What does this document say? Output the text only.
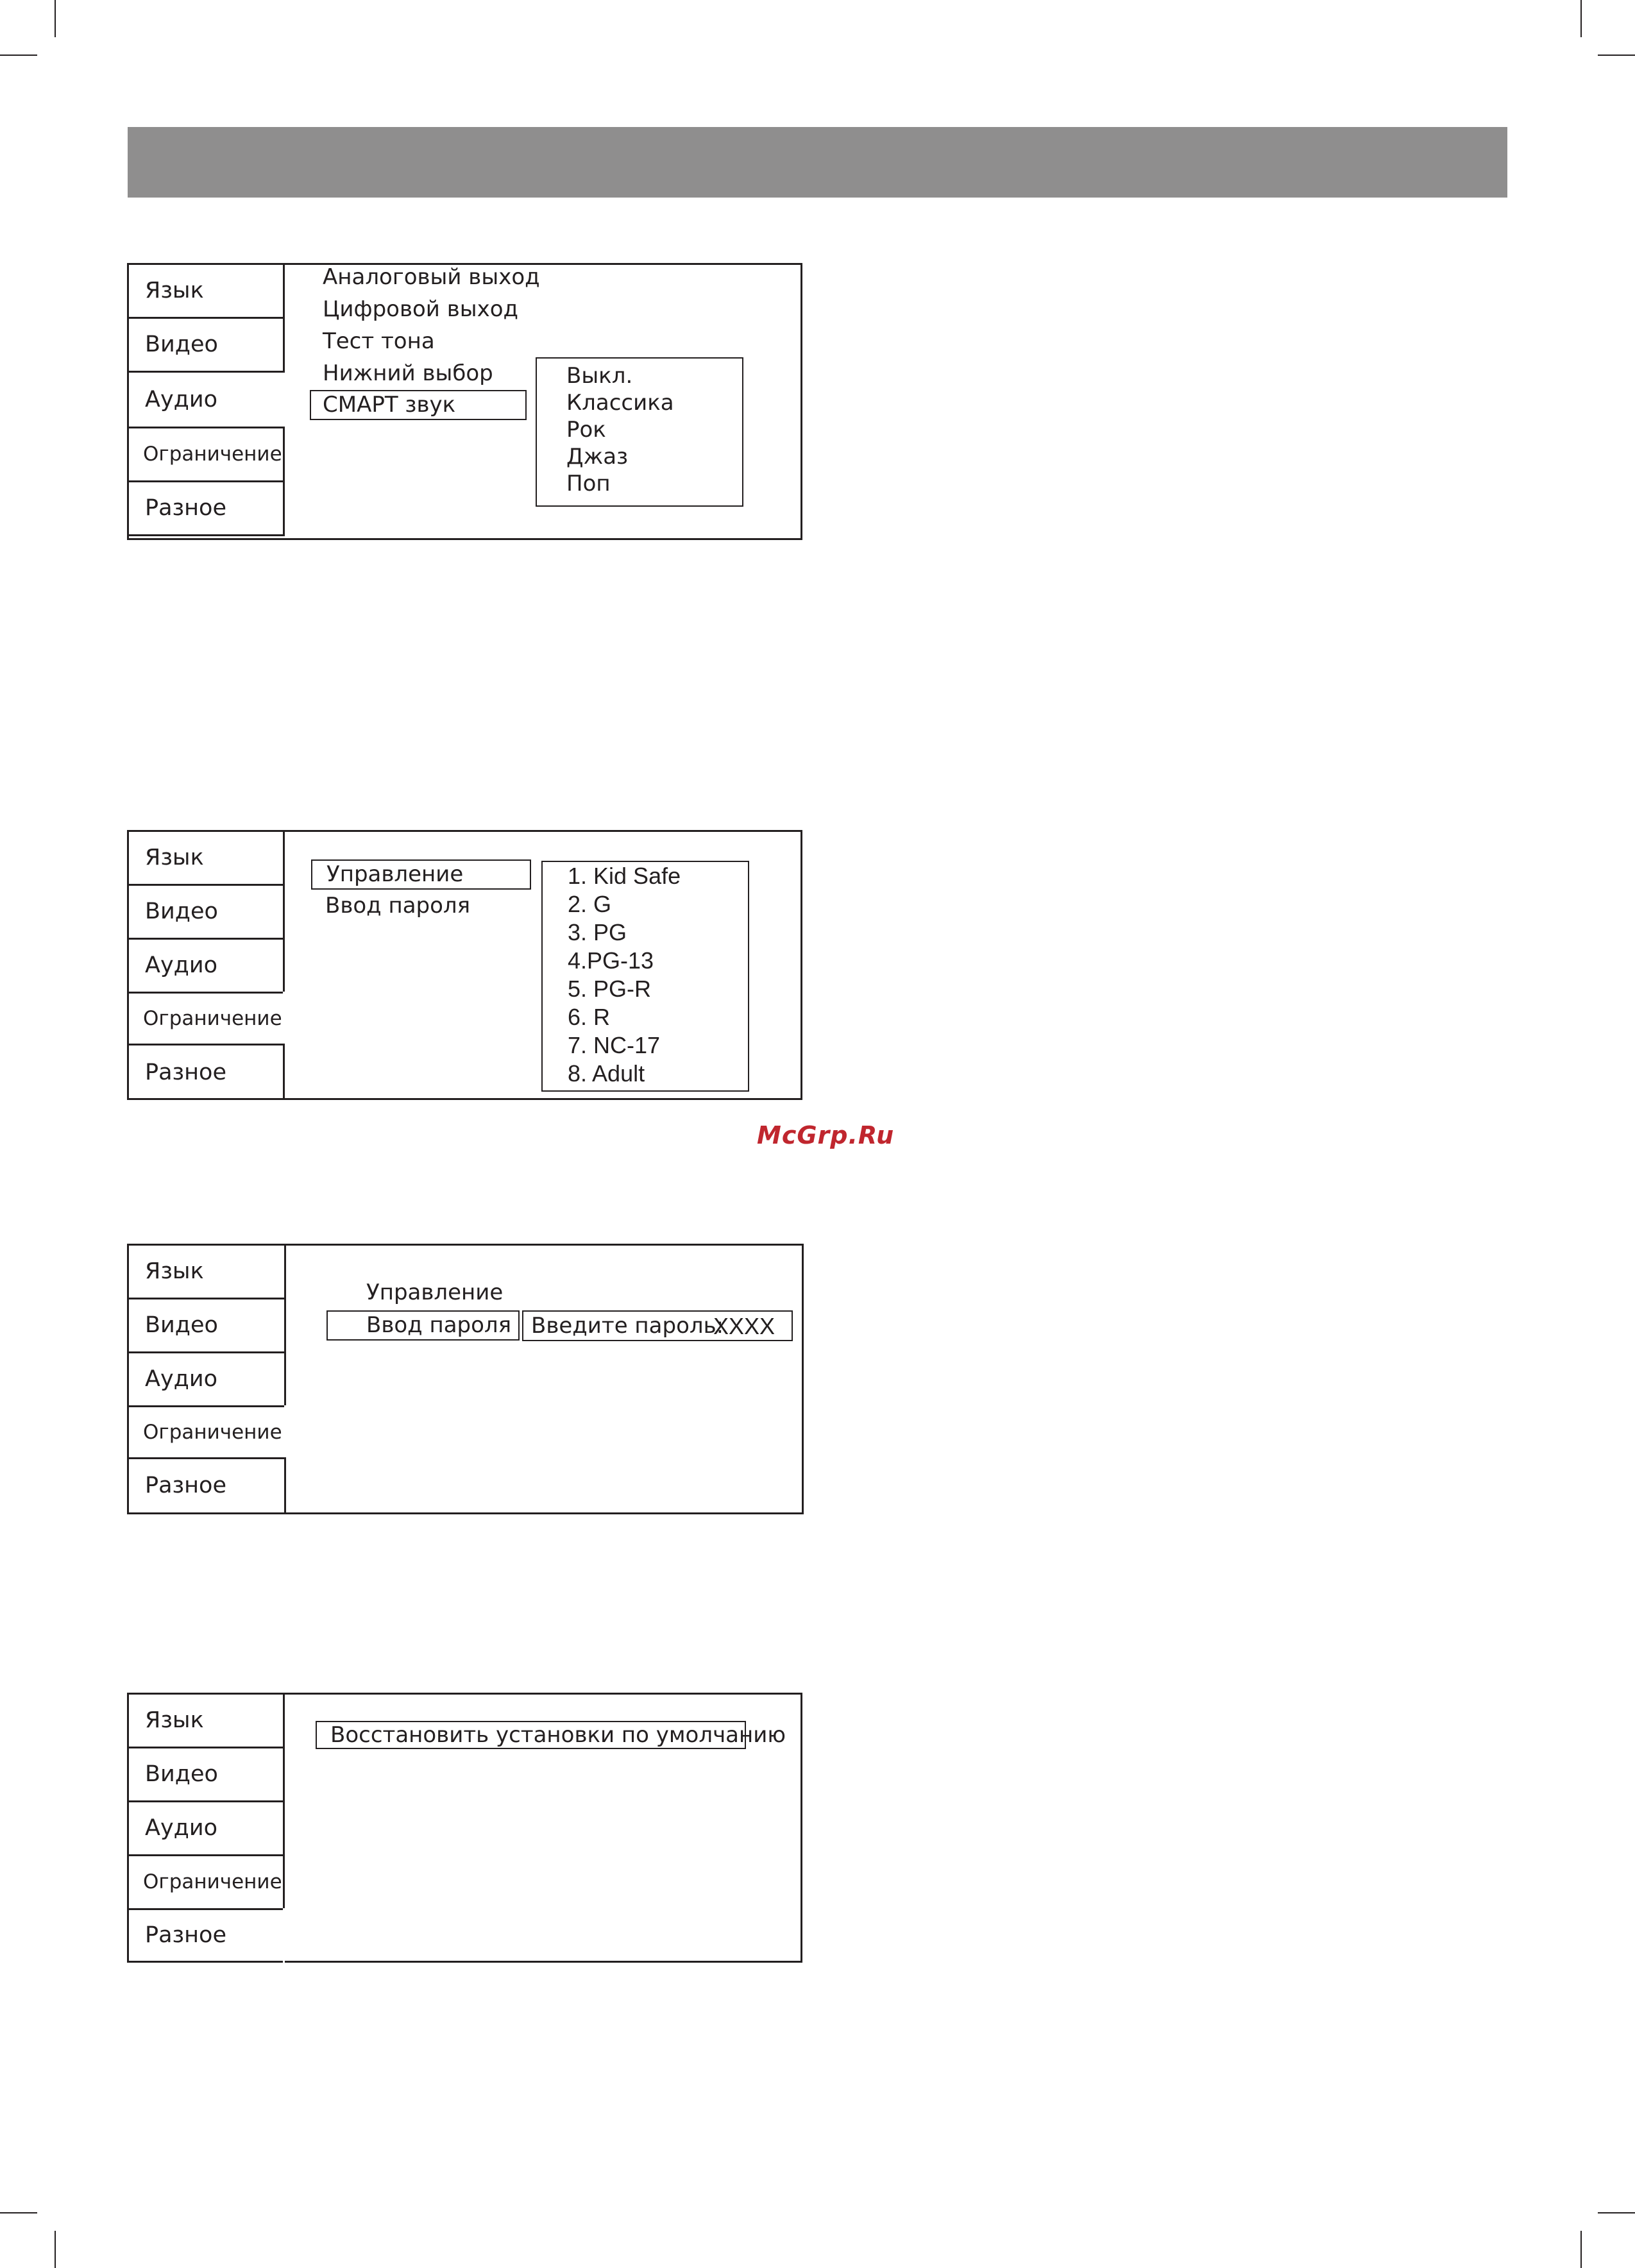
Язык
Видео
Аудио
Ограничение
Разное
Аналоговый выход
Цифровой выход
Тест тона
Нижний выбор
СМАРТ звук
Выкл.
Классика
Рок
Джаз
Поп
Язык
Видео
Аудио
Ограничение
Разное
Управление
Ввод пароля
1. Kid Safe
2. G
3. PG
4.PG-13
5. PG-R
6. R
7. NC-17
8. Adult
McGrp.Ru
Язык
Видео
Аудио
Ограничение
Разное
Управление
Ввод пароля Введите пароль:
XXXX
Язык
Видео
Аудио
Ограничение
Разное
Восстановить установки по умолчанию
